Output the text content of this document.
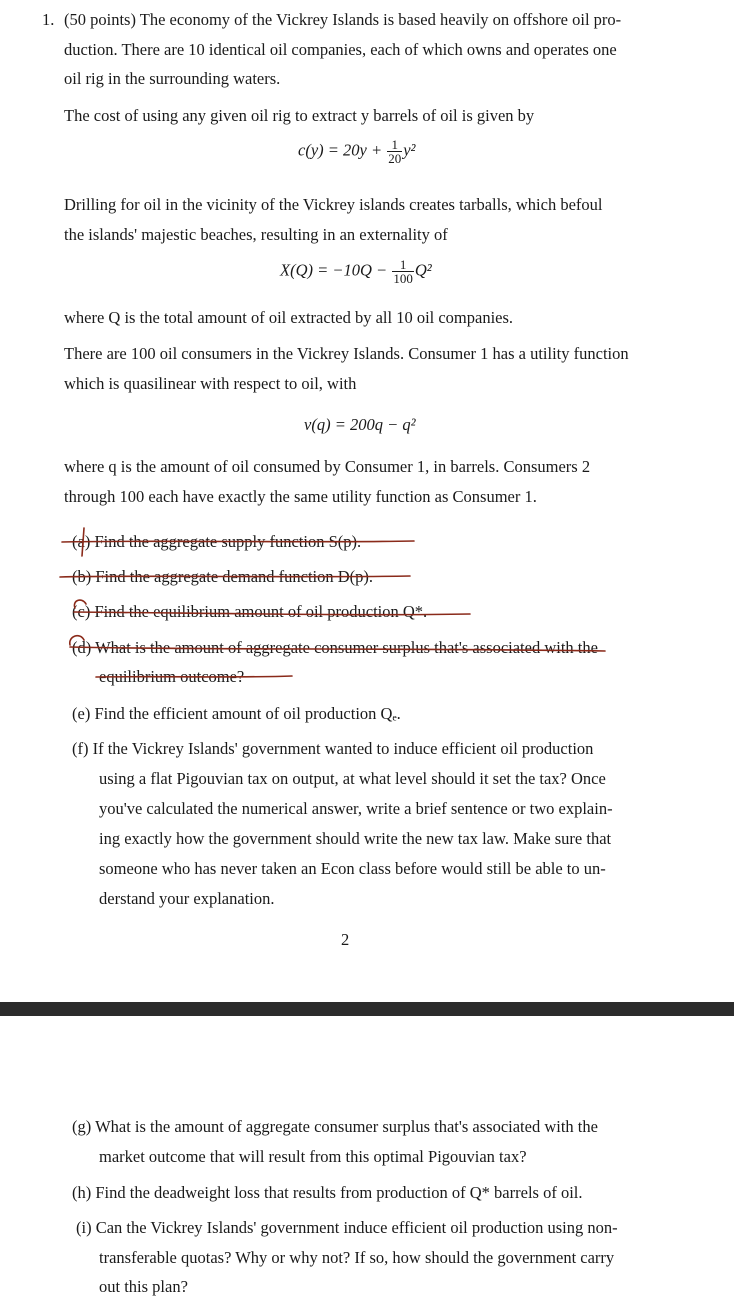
1. (50 points) The economy of the Vickrey Islands is based heavily on offshore oil pro-
duction. There are 10 identical oil companies, each of which owns and operates one
oil rig in the surrounding waters.
The cost of using any given oil rig to extract y barrels of oil is given by
$c(y) = 20y + \frac{1}{20} y^2$
Drilling for oil in the vicinity of the Vickrey islands creates tarballs, which befoul
the islands' majestic beaches, resulting in an externality of
$X(Q) = -10Q - \frac{1}{100} Q^2$
where Q is the total amount of oil extracted by all 10 oil companies.
There are 100 oil consumers in the Vickrey Islands. Consumer 1 has a utility function
which is quasilinear with respect to oil, with
v(q) = 200q − q²
where q is the amount of oil consumed by Consumer 1, in barrels. Consumers 2
through 100 each have exactly the same utility function as Consumer 1.
(a) Find the aggregate supply function S(p).
(b) Find the aggregate demand function D(p).
(c) Find the equilibrium amount of oil production Q*.
(d) What is the amount of aggregate consumer surplus that's associated with the
equilibrium outcome?
(e) Find the efficient amount of oil production Qₑ.
(f) If the Vickrey Islands' government wanted to induce efficient oil production
using a flat Pigouvian tax on output, at what level should it set the tax? Once
you've calculated the numerical answer, write a brief sentence or two explain-
ing exactly how the government should write the new tax law. Make sure that
someone who has never taken an Econ class before would still be able to un-
derstand your explanation.
2
(g) What is the amount of aggregate consumer surplus that's associated with the
market outcome that will result from this optimal Pigouvian tax?
(h) Find the deadweight loss that results from production of Q* barrels of oil.
(i) Can the Vickrey Islands' government induce efficient oil production using non-
transferable quotas? Why or why not? If so, how should the government carry
out this plan?
